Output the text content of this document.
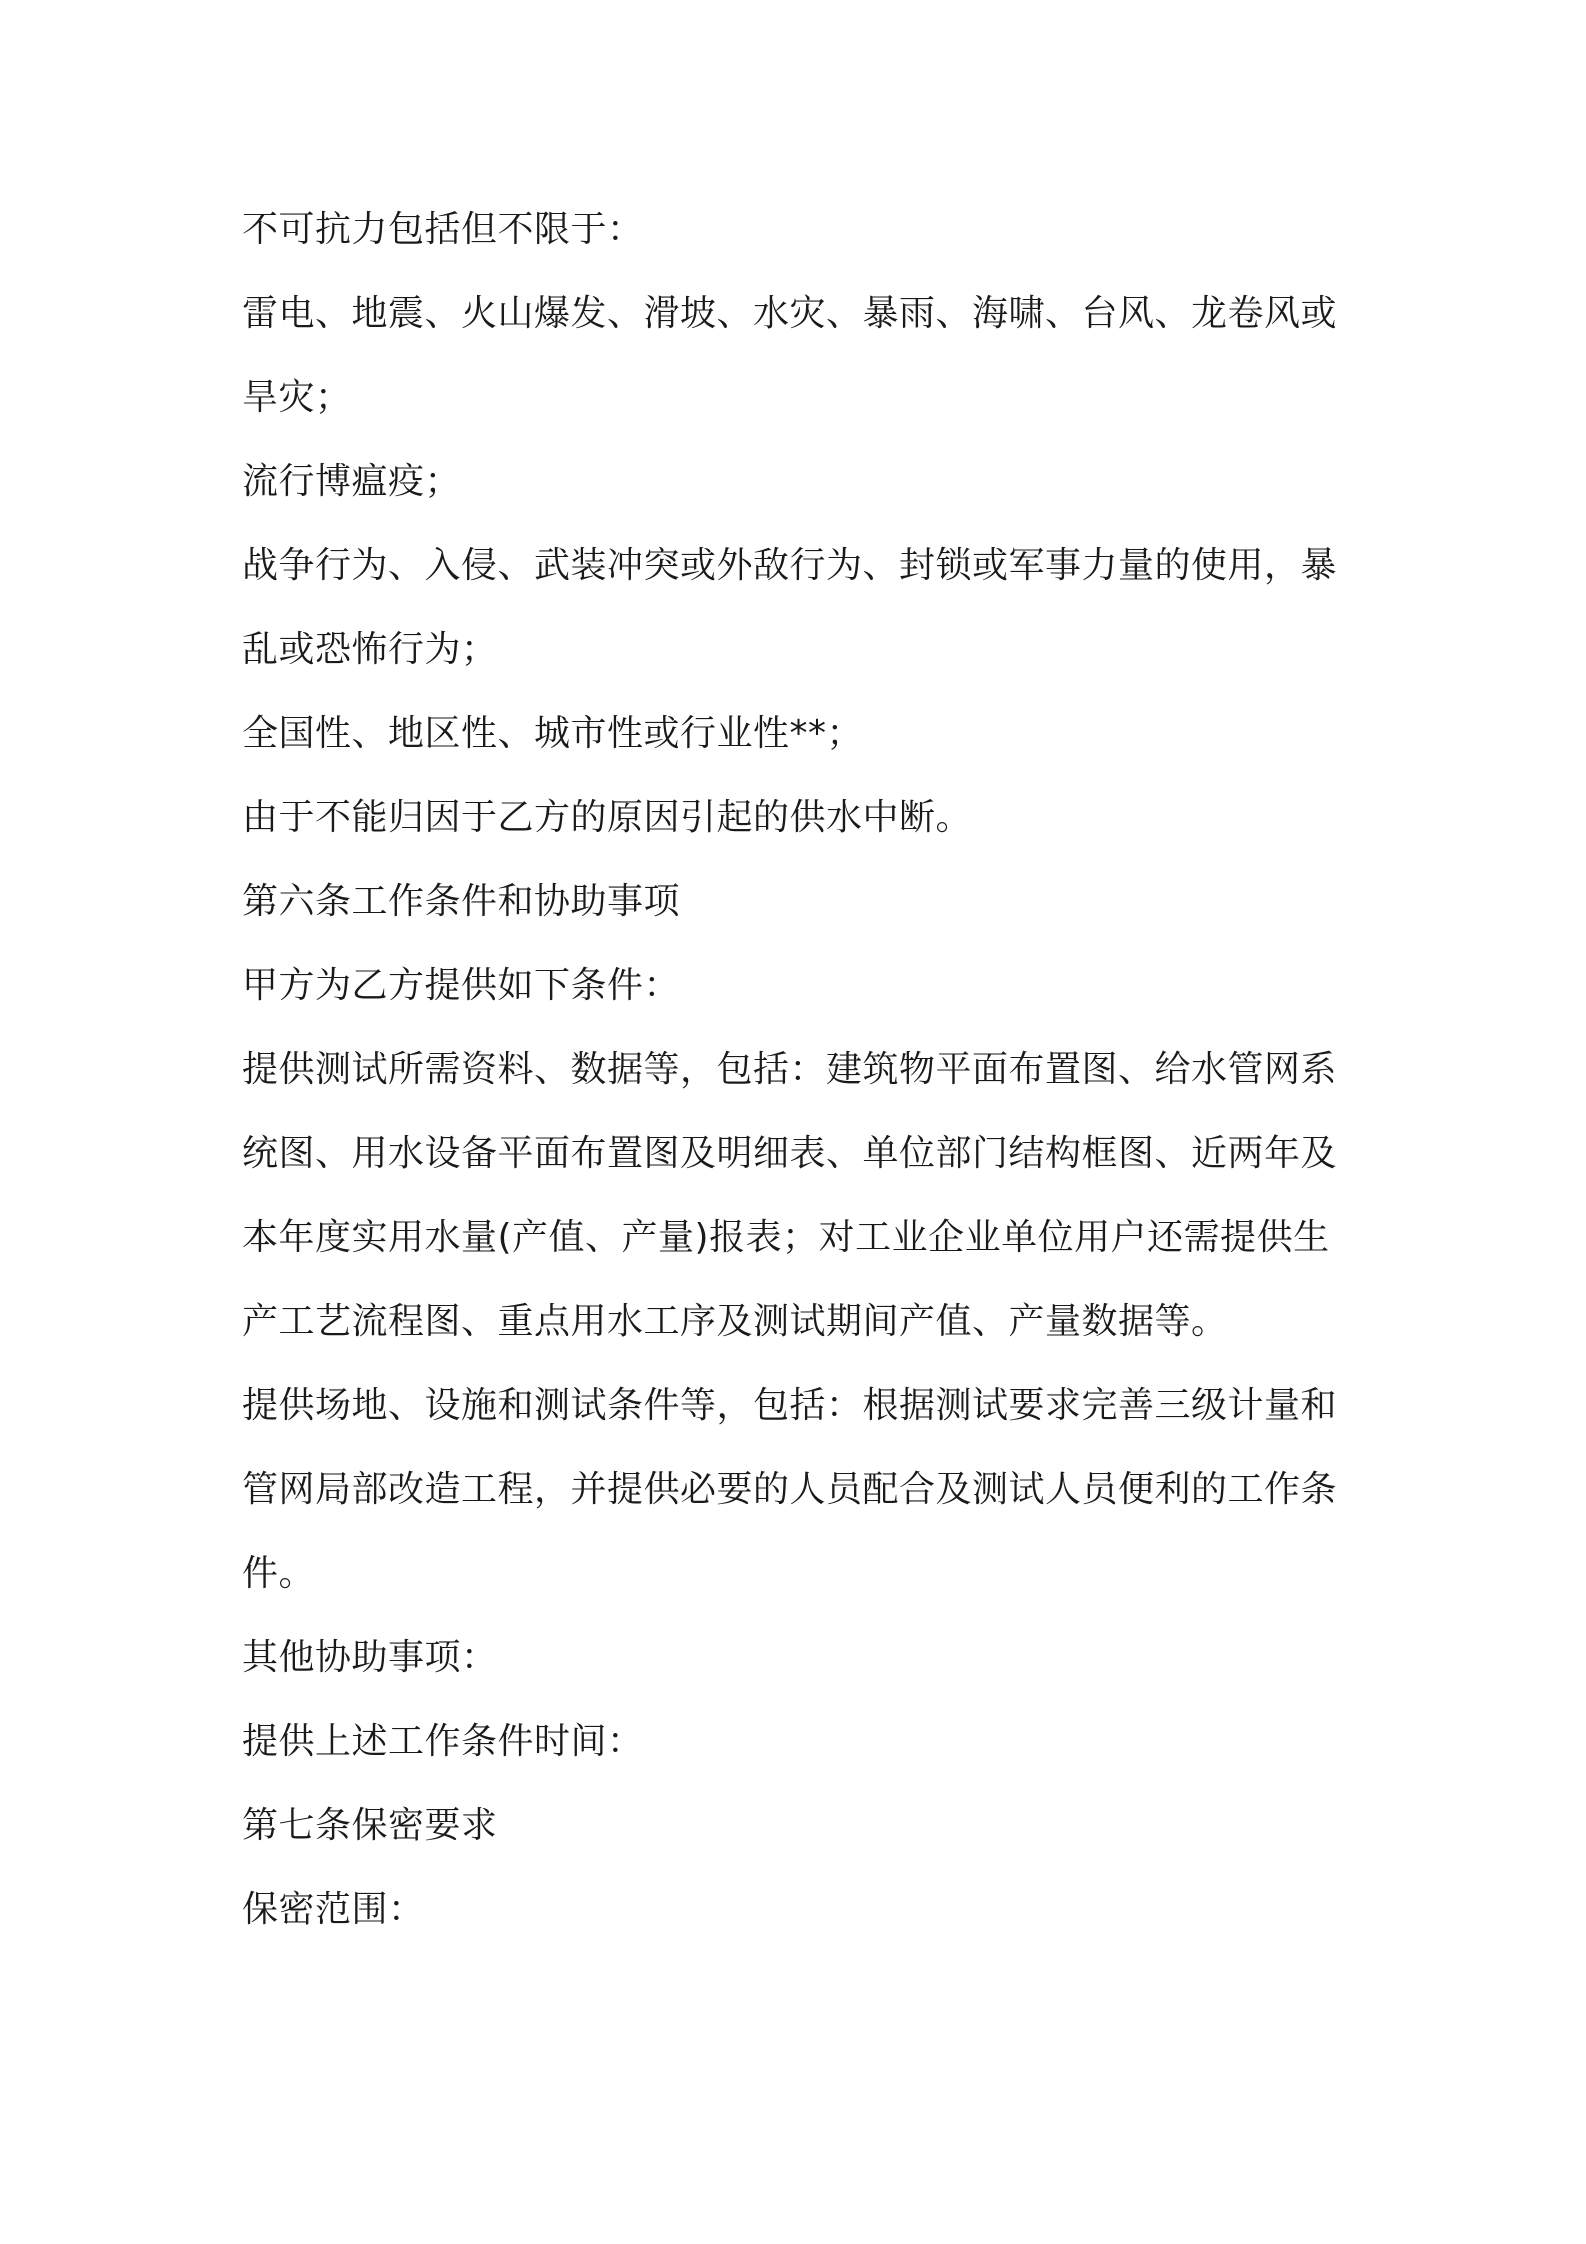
不可抗力包括但不限于：
雷电、地震、火山爆发、滑坡、水灾、暴雨、海啸、台风、龙卷风或
旱灾；
流行博瘟疫；
战争行为、入侵、武装冲突或外敌行为、封锁或军事力量的使用，暴
乱或恐怖行为；
全国性、地区性、城市性或行业性**；
由于不能归因于乙方的原因引起的供水中断。
第六条工作条件和协助事项
甲方为乙方提供如下条件：
提供测试所需资料、数据等，包括：建筑物平面布置图、给水管网系
统图、用水设备平面布置图及明细表、单位部门结构框图、近两年及
本年度实用水量(产值、产量)报表；对工业企业单位用户还需提供生
产工艺流程图、重点用水工序及测试期间产值、产量数据等。
提供场地、设施和测试条件等，包括：根据测试要求完善三级计量和
管网局部改造工程，并提供必要的人员配合及测试人员便利的工作条
件。
其他协助事项：
提供上述工作条件时间：
第七条保密要求
保密范围：
